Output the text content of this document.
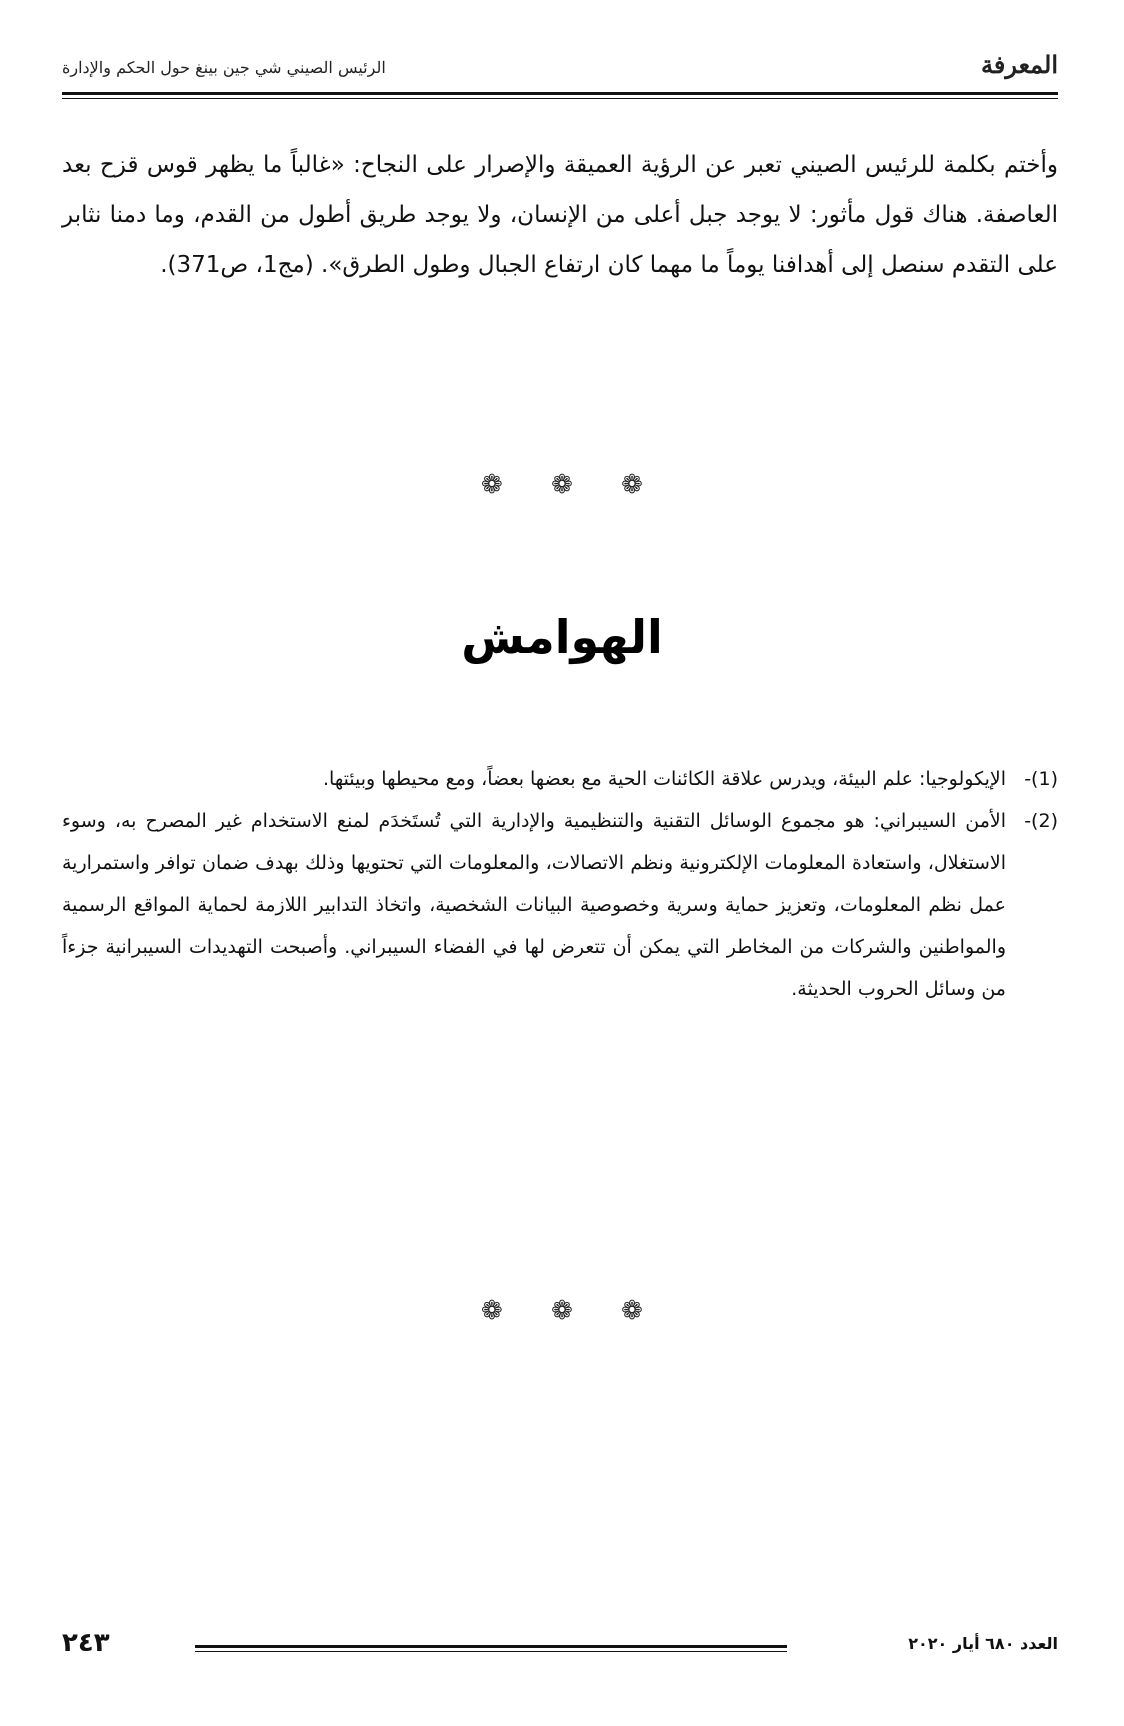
المعرفة
الرئيس الصيني شي جين بينغ حول الحكم والإدارة

وأختم بكلمة للرئيس الصيني تعبر عن الرؤية العميقة والإصرار على النجاح: «غالباً ما يظهر قوس قزح بعد العاصفة. هناك قول مأثور: لا يوجد جبل أعلى من الإنسان، ولا يوجد طريق أطول من القدم، وما دمنا نثابر على التقدم سنصل إلى أهدافنا يوماً ما مهما كان ارتفاع الجبال وطول الطرق». (مج1، ص371).

❁ ❁ ❁
الهوامش
(1)-
الإيكولوجيا: علم البيئة، ويدرس علاقة الكائنات الحية مع بعضها بعضاً، ومع محيطها وبيئتها.
(2)-
الأمن السيبراني: هو مجموع الوسائل التقنية والتنظيمية والإدارية التي تُستَخدَم لمنع الاستخدام غير المصرح به، وسوء الاستغلال، واستعادة المعلومات الإلكترونية ونظم الاتصالات، والمعلومات التي تحتويها وذلك بهدف ضمان توافر واستمرارية عمل نظم المعلومات، وتعزيز حماية وسرية وخصوصية البيانات الشخصية، واتخاذ التدابير اللازمة لحماية المواقع الرسمية والمواطنين والشركات من المخاطر التي يمكن أن تتعرض لها في الفضاء السيبراني. وأصبحت التهديدات السيبرانية جزءاً من وسائل الحروب الحديثة.
❁ ❁ ❁
العدد ٦٨٠ أيار ٢٠٢٠
٢٤٣
